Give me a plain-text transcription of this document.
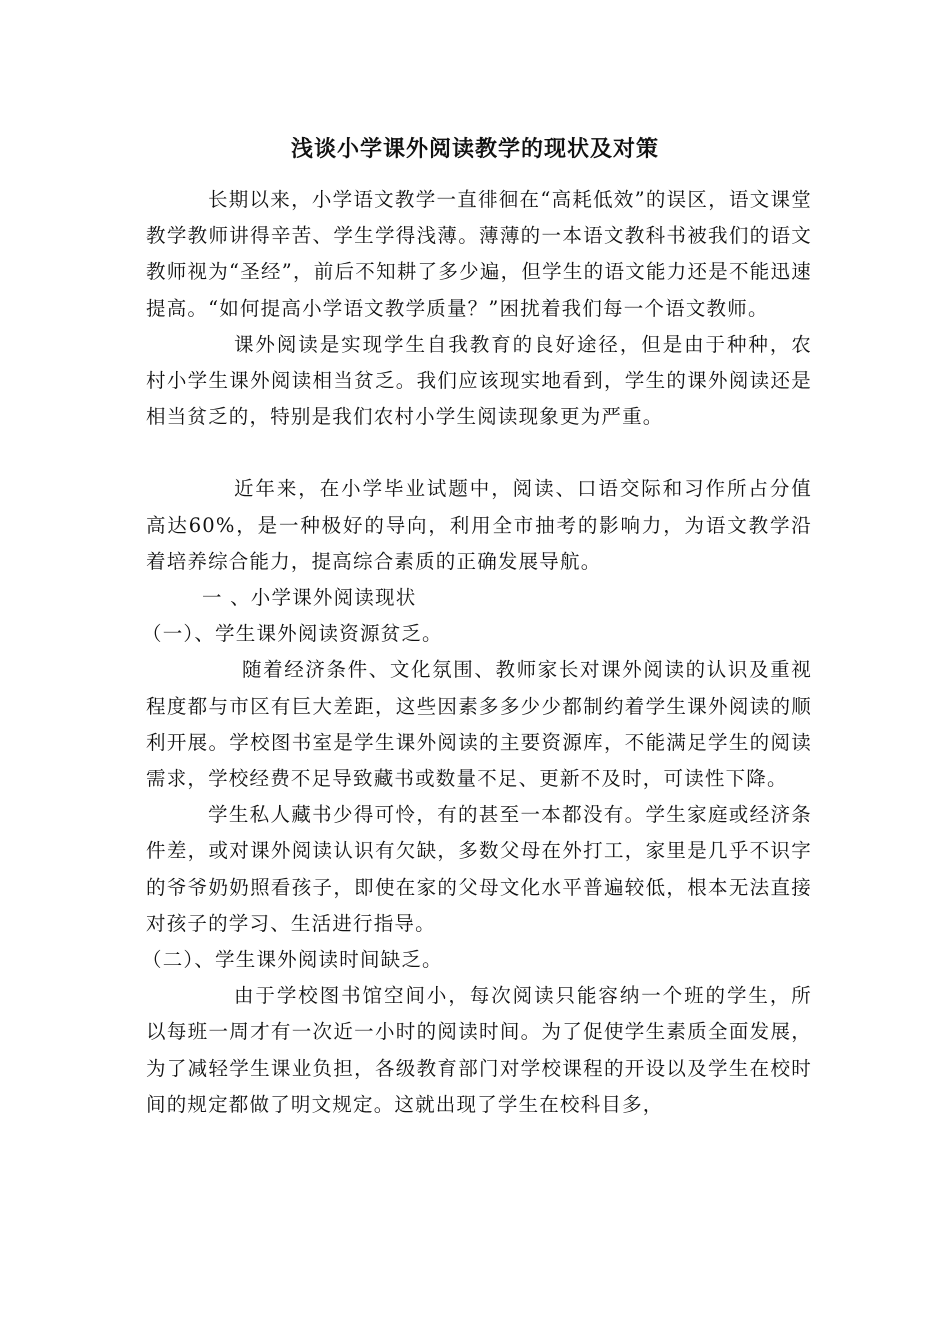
浅谈小学课外阅读教学的现状及对策

长期以来，小学语文教学一直徘徊在“高耗低效”的误区，语文课堂教学教师讲得辛苦、学生学得浅薄。薄薄的一本语文教科书被我们的语文教师视为“圣经”，前后不知耕了多少遍，但学生的语文能力还是不能迅速提高。“如何提高小学语文教学质量？”困扰着我们每一个语文教师。

课外阅读是实现学生自我教育的良好途径，但是由于种种，农村小学生课外阅读相当贫乏。我们应该现实地看到，学生的课外阅读还是相当贫乏的，特别是我们农村小学生阅读现象更为严重。

近年来，在小学毕业试题中，阅读、口语交际和习作所占分值高达60%，是一种极好的导向，利用全市抽考的影响力，为语文教学沿着培养综合能力，提高综合素质的正确发展导航。

一 、小学课外阅读现状

（一）、学生课外阅读资源贫乏。

随着经济条件、文化氛围、教师家长对课外阅读的认识及重视程度都与市区有巨大差距，这些因素多多少少都制约着学生课外阅读的顺利开展。学校图书室是学生课外阅读的主要资源库，不能满足学生的阅读需求，学校经费不足导致藏书或数量不足、更新不及时，可读性下降。

学生私人藏书少得可怜，有的甚至一本都没有。学生家庭或经济条件差，或对课外阅读认识有欠缺，多数父母在外打工，家里是几乎不识字的爷爷奶奶照看孩子，即使在家的父母文化水平普遍较低，根本无法直接对孩子的学习、生活进行指导。

（二）、学生课外阅读时间缺乏。

由于学校图书馆空间小，每次阅读只能容纳一个班的学生，所以每班一周才有一次近一小时的阅读时间。为了促使学生素质全面发展，为了减轻学生课业负担，各级教育部门对学校课程的开设以及学生在校时间的规定都做了明文规定。这就出现了学生在校科目多，
